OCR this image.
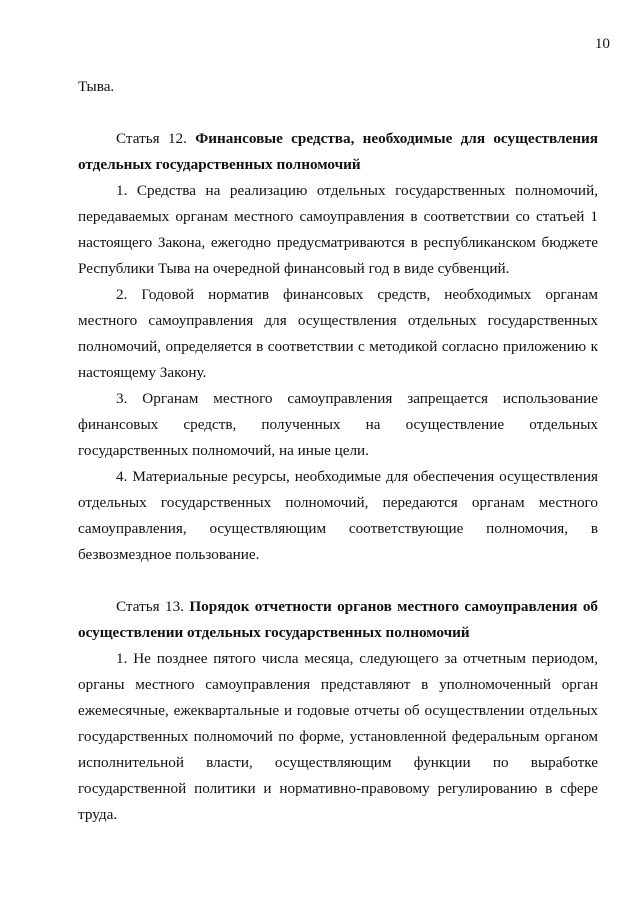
10
Тыва.
Статья 12. Финансовые средства, необходимые для осуществления
отдельных государственных полномочий
1. Средства на реализацию отдельных государственных полномочий,
передаваемых органам местного самоуправления в соответствии со статьей 1
настоящего Закона, ежегодно предусматриваются в республиканском бюджете
Республики Тыва на очередной финансовый год в виде субвенций.
2. Годовой норматив финансовых средств, необходимых органам
местного самоуправления для осуществления отдельных государственных
полномочий, определяется в соответствии с методикой согласно приложению к
настоящему Закону.
3. Органам местного самоуправления запрещается использование
финансовых средств, полученных на осуществление отдельных
государственных полномочий, на иные цели.
4. Материальные ресурсы, необходимые для обеспечения осуществления
отдельных государственных полномочий, передаются органам местного
самоуправления, осуществляющим соответствующие полномочия, в
безвозмездное пользование.
Статья 13. Порядок отчетности органов местного самоуправления об
осуществлении отдельных государственных полномочий
1. Не позднее пятого числа месяца, следующего за отчетным периодом,
органы местного самоуправления представляют в уполномоченный орган
ежемесячные, ежеквартальные и годовые отчеты об осуществлении отдельных
государственных полномочий по форме, установленной федеральным органом
исполнительной власти, осуществляющим функции по выработке
государственной политики и нормативно-правовому регулированию в сфере
труда.
